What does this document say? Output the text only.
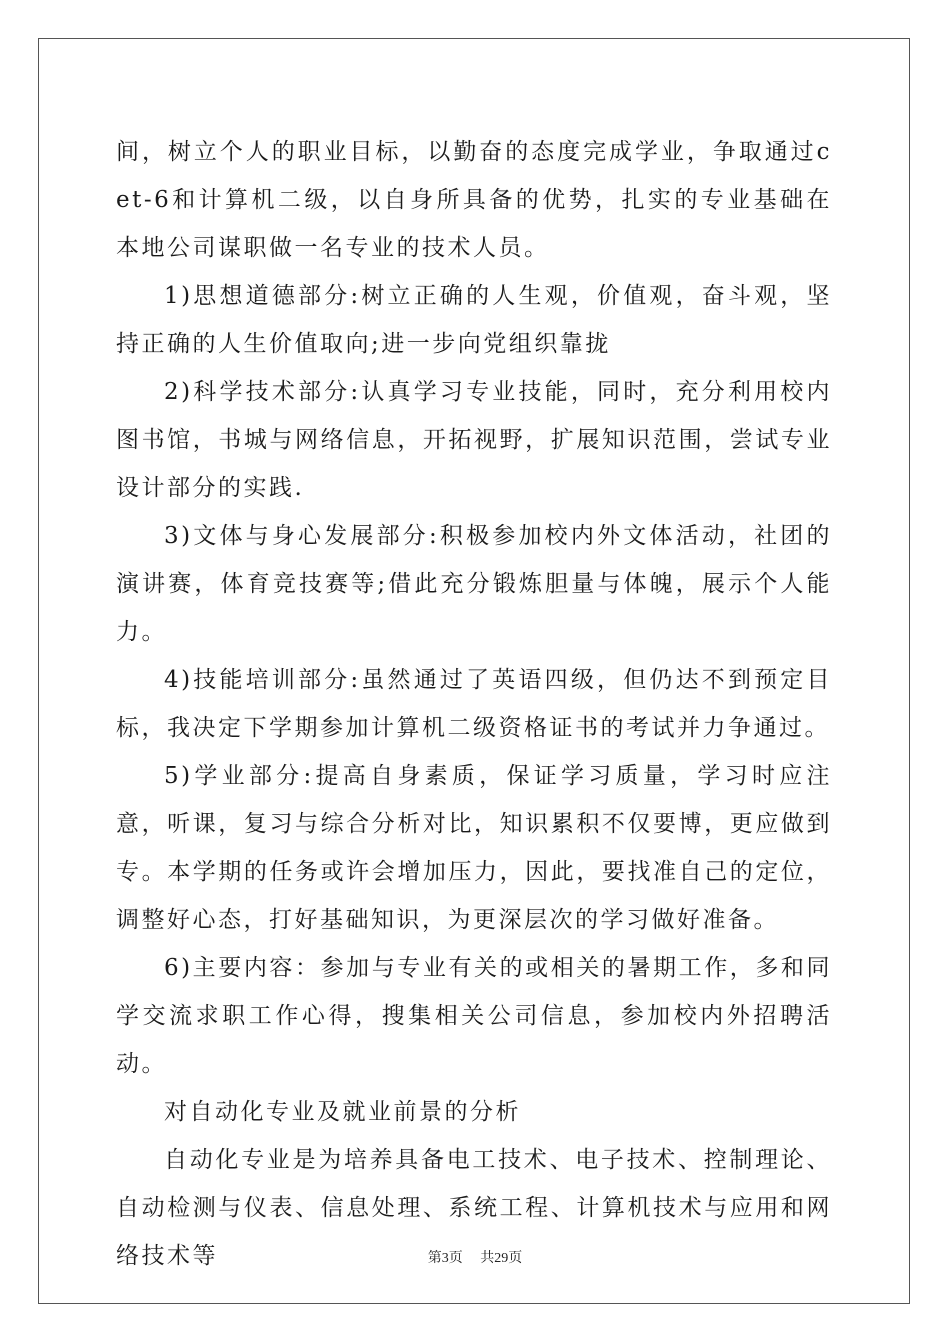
间，树立个人的职业目标，以勤奋的态度完成学业，争取通过cet-6和计算机二级，以自身所具备的优势，扎实的专业基础在本地公司谋职做一名专业的技术人员。

1)思想道德部分:树立正确的人生观，价值观，奋斗观，坚持正确的人生价值取向;进一步向党组织靠拢

2)科学技术部分:认真学习专业技能，同时，充分利用校内图书馆，书城与网络信息，开拓视野，扩展知识范围，尝试专业设计部分的实践.

3)文体与身心发展部分:积极参加校内外文体活动，社团的演讲赛，体育竞技赛等;借此充分锻炼胆量与体魄，展示个人能力。

4)技能培训部分:虽然通过了英语四级，但仍达不到预定目标，我决定下学期参加计算机二级资格证书的考试并力争通过。

5)学业部分:提高自身素质，保证学习质量，学习时应注意，听课，复习与综合分析对比，知识累积不仅要博，更应做到专。本学期的任务或许会增加压力，因此，要找准自己的定位，调整好心态，打好基础知识，为更深层次的学习做好准备。

6)主要内容：参加与专业有关的或相关的暑期工作，多和同学交流求职工作心得，搜集相关公司信息，参加校内外招聘活动。

对自动化专业及就业前景的分析

自动化专业是为培养具备电工技术、电子技术、控制理论、自动检测与仪表、信息处理、系统工程、计算机技术与应用和网络技术等	第3页 共29页
